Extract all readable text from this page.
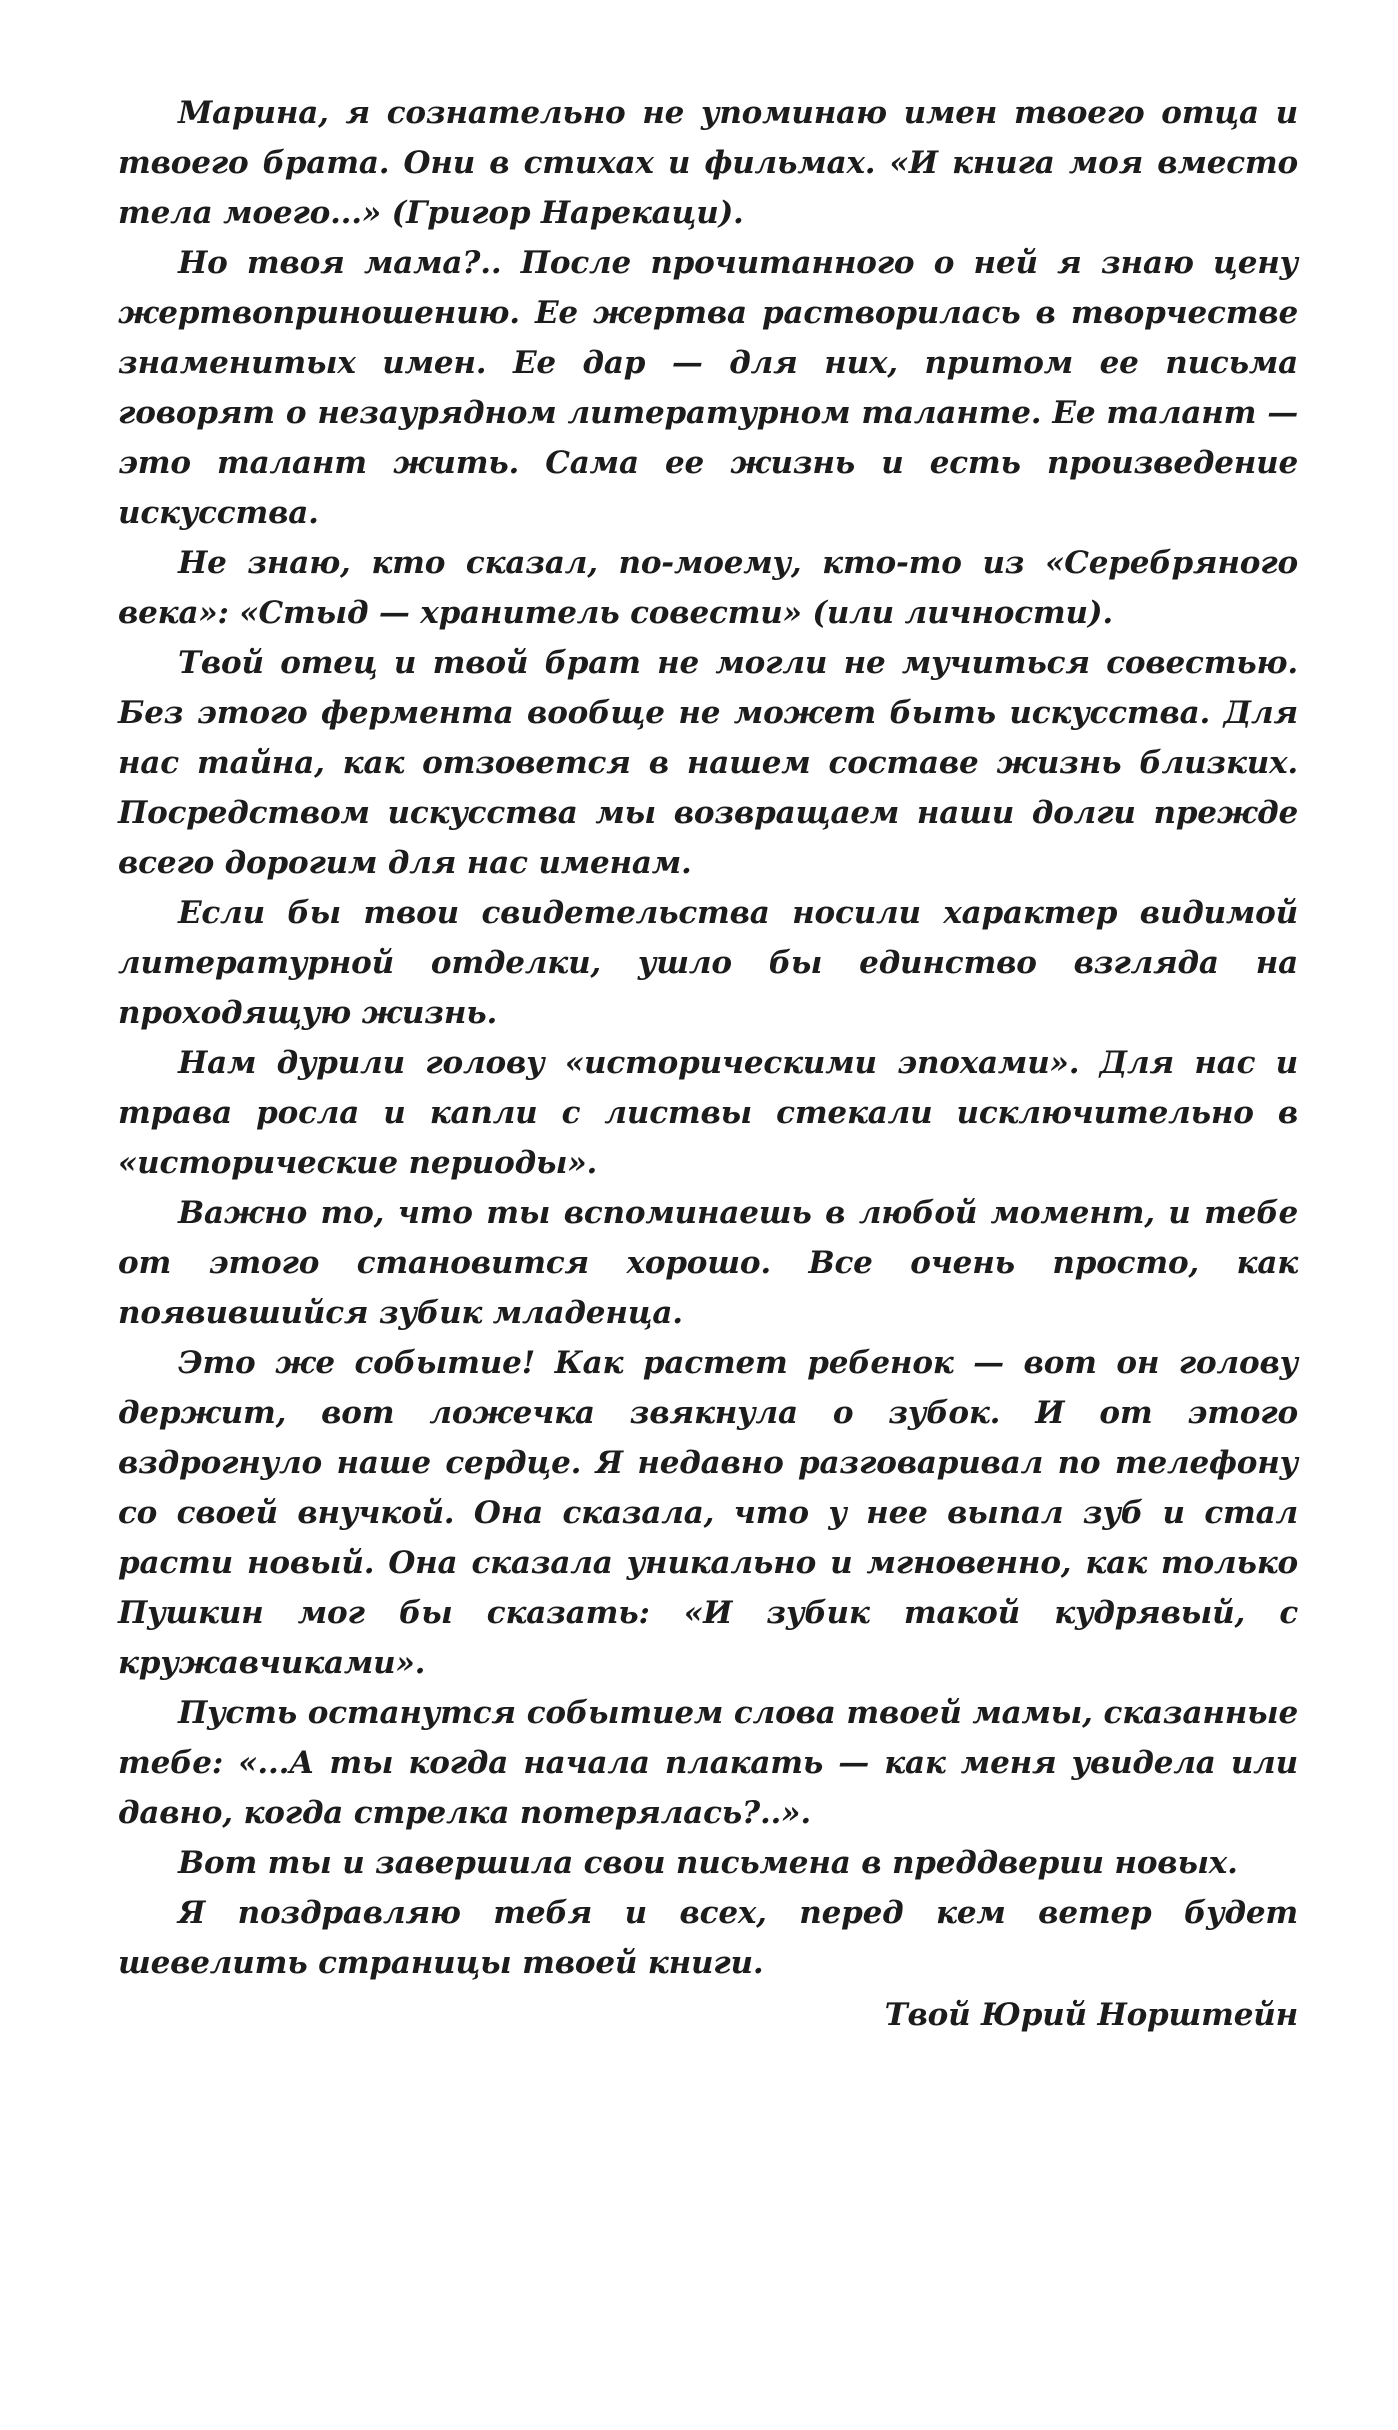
Марина, я сознательно не упоминаю имен твоего отца и твоего брата. Они в стихах и фильмах. «И книга моя вместо тела моего...» (Григор Нарекаци).

Но твоя мама?.. После прочитанного о ней я знаю цену жертвоприношению. Ее жертва растворилась в творчестве знаменитых имен. Ее дар — для них, притом ее письма говорят о незаурядном литературном таланте. Ее талант — это талант жить. Сама ее жизнь и есть произведение искусства.

Не знаю, кто сказал, по-моему, кто-то из «Серебряного века»: «Стыд — хранитель совести» (или личности).

Твой отец и твой брат не могли не мучиться совестью. Без этого фермента вообще не может быть искусства. Для нас тайна, как отзовется в нашем составе жизнь близких. Посредством искусства мы возвращаем наши долги прежде всего дорогим для нас именам.

Если бы твои свидетельства носили характер видимой литературной отделки, ушло бы единство взгляда на проходящую жизнь.

Нам дурили голову «историческими эпохами». Для нас и трава росла и капли с листвы стекали исключительно в «исторические периоды».

Важно то, что ты вспоминаешь в любой момент, и тебе от этого становится хорошо. Все очень просто, как появившийся зубик младенца.

Это же событие! Как растет ребенок — вот он голову держит, вот ложечка звякнула о зубок. И от этого вздрогнуло наше сердце. Я недавно разговаривал по телефону со своей внучкой. Она сказала, что у нее выпал зуб и стал расти новый. Она сказала уникально и мгновенно, как только Пушкин мог бы сказать: «И зубик такой кудрявый, с кружавчиками».

Пусть останутся событием слова твоей мамы, сказанные тебе: «...А ты когда начала плакать — как меня увидела или давно, когда стрелка потерялась?..».

Вот ты и завершила свои письмена в преддверии новых.

Я поздравляю тебя и всех, перед кем ветер будет шевелить страницы твоей книги.

Твой Юрий Норштейн
